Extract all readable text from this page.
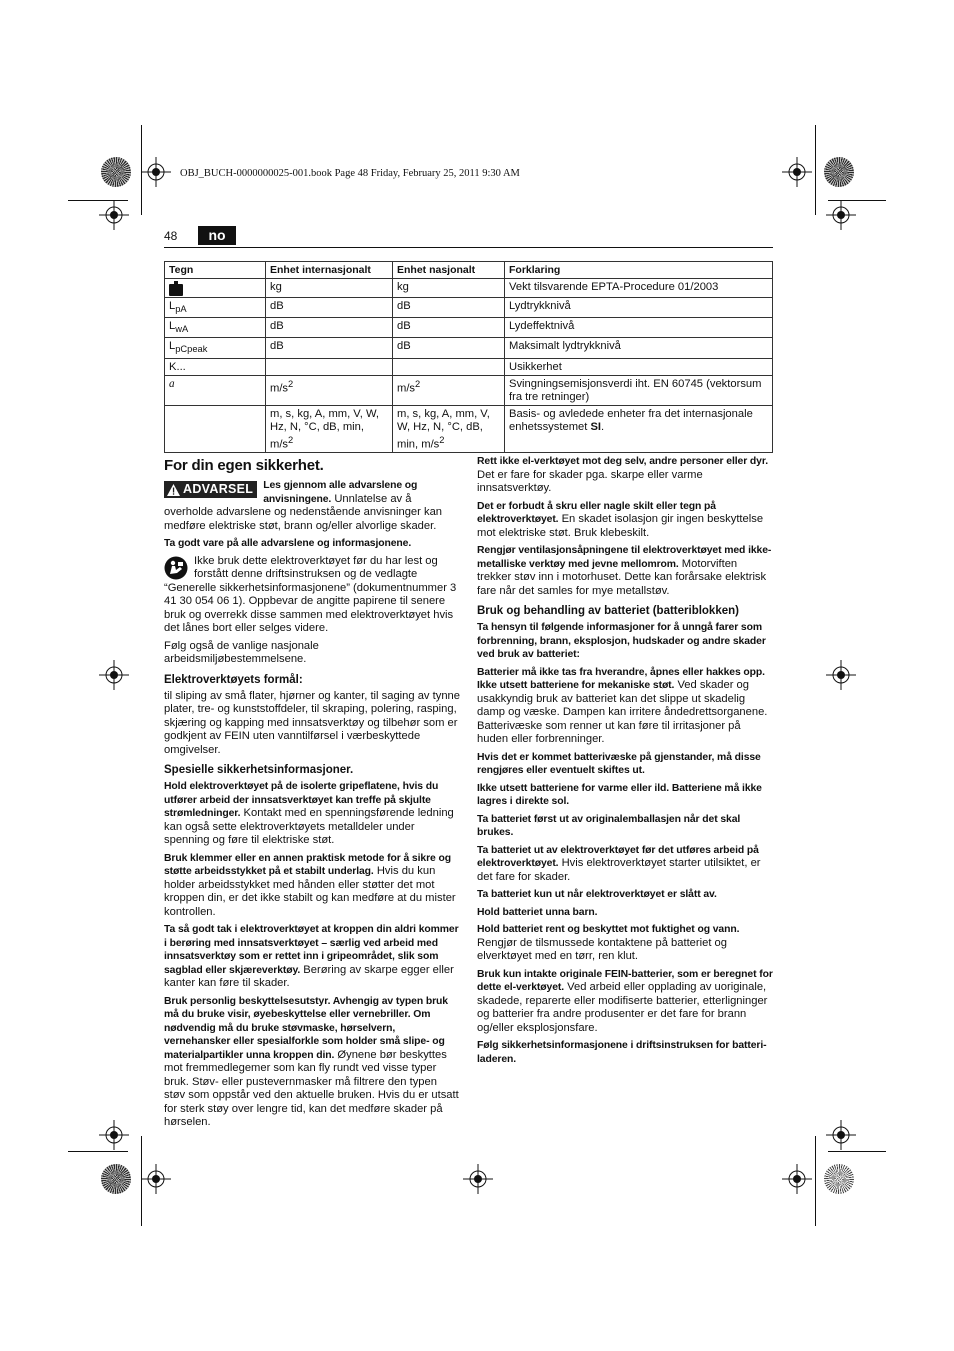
OBJ_BUCH-0000000025-001.book Page 48 Friday, February 25, 2011 9:30 AM
48	no
Tegn	Enhet internasjonalt	Enhet nasjonalt	Forklaring
	kg	kg	Vekt tilsvarende EPTA-Procedure 01/2003
$L_{pA}$	dB	dB	Lydtrykknivå
$L_{wA}$	dB	dB	Lydeffektnivå
$L_{pCpeak}$	dB	dB	Maksimalt lydtrykknivå
K...			Usikkerhet
a	$m/s^2$	$m/s^2$	Svingningsemisjonsverdi iht. EN 60745 (vektorsum fra tre retninger)
	m, s, kg, A, mm, V, W, Hz, N, °C, dB, min, $m/s^2$	m, s, kg, A, mm, V, W, Hz, N, °C, dB, min, $m/s^2$	Basis- og avledede enheter fra det internasjonale enhetssystemet SI.
For din egen sikkerhet.

ADVARSEL Les gjennom alle advarslene og anvisningene. Unnlatelse av å overholde advarslene og nedenstående anvisninger kan medføre elektriske støt, brann og/eller alvorlige skader.

Ta godt vare på alle advarslene og informasjonene.

Ikke bruk dette elektroverktøyet før du har lest og forstått denne driftsinstruksen og de vedlagte “Generelle sikkerhetsinformasjonene” (dokumentnummer 3 41 30 054 06 1). Oppbevar de angitte papirene til senere bruk og overrekk disse sammen med elektroverktøyet hvis det lånes bort eller selges videre.

Følg også de vanlige nasjonale arbeidsmiljøbestemmelsene.

Elektroverktøyets formål:

til sliping av små flater, hjørner og kanter, til saging av tynne plater, tre- og kunststoffdeler, til skraping, polering, rasping, skjæring og kapping med innsatsverktøy og tilbehør som er godkjent av FEIN uten vanntilførsel i værbeskyttede omgivelser.

Spesielle sikkerhetsinformasjoner.

Hold elektroverktøyet på de isolerte gripeflatene, hvis du utfører arbeid der innsatsverktøyet kan treffe på skjulte strømledninger. Kontakt med en spenningsførende ledning kan også sette elektroverktøyets metalldeler under spenning og føre til elektriske støt.

Bruk klemmer eller en annen praktisk metode for å sikre og støtte arbeidsstykket på et stabilt underlag. Hvis du kun holder arbeidsstykket med hånden eller støtter det mot kroppen din, er det ikke stabilt og kan medføre at du mister kontrollen.

Ta så godt tak i elektroverktøyet at kroppen din aldri kommer i berøring med innsatsverktøyet – særlig ved arbeid med innsatsverktøy som er rettet inn i gripeområdet, slik som sagblad eller skjæreverktøy. Berøring av skarpe egger eller kanter kan føre til skader.

Bruk personlig beskyttelsesutstyr. Avhengig av typen bruk må du bruke visir, øyebeskyttelse eller vernebriller. Om nødvendig må du bruke støvmaske, hørselvern, vernehansker eller spesialforkle som holder små slipe- og materialpartikler unna kroppen din. Øynene bør beskyttes mot fremmedlegemer som kan fly rundt ved visse typer bruk. Støv- eller pustevernmasker må filtrere den typen støv som oppstår ved den aktuelle bruken. Hvis du er utsatt for sterk støy over lengre tid, kan det medføre skader på hørselen.

Rett ikke el-verktøyet mot deg selv, andre personer eller dyr. Det er fare for skader pga. skarpe eller varme innsatsverktøy.

Det er forbudt å skru eller nagle skilt eller tegn på elektroverktøyet. En skadet isolasjon gir ingen beskyttelse mot elektriske støt. Bruk klebeskilt.

Rengjør ventilasjonsåpningene til elektroverktøyet med ikke-metalliske verktøy med jevne mellomrom. Motorviften trekker støv inn i motorhuset. Dette kan forårsake elektrisk fare når det samles for mye metallstøv.

Bruk og behandling av batteriet (batteriblokken)

Ta hensyn til følgende informasjoner for å unngå farer som forbrenning, brann, eksplosjon, hudskader og andre skader ved bruk av batteriet:

Batterier må ikke tas fra hverandre, åpnes eller hakkes opp. Ikke utsett batteriene for mekaniske støt. Ved skader og usakkyndig bruk av batteriet kan det slippe ut skadelig damp og væske. Dampen kan irritere åndedrettsorganene. Batterivæske som renner ut kan føre til irritasjoner på huden eller forbrenninger.

Hvis det er kommet batterivæske på gjenstander, må disse rengjøres eller eventuelt skiftes ut.

Ikke utsett batteriene for varme eller ild. Batteriene må ikke lagres i direkte sol.

Ta batteriet først ut av originalemballasjen når det skal brukes.

Ta batteriet ut av elektroverktøyet før det utføres arbeid på elektroverktøyet. Hvis elektroverktøyet starter utilsiktet, er det fare for skader.

Ta batteriet kun ut når elektroverktøyet er slått av.

Hold batteriet unna barn.

Hold batteriet rent og beskyttet mot fuktighet og vann. Rengjør de tilsmussede kontaktene på batteriet og elverktøyet med en tørr, ren klut.

Bruk kun intakte originale FEIN-batterier, som er beregnet for dette el-verktøyet. Ved arbeid eller opplading av uoriginale, skadede, reparerte eller modifiserte batterier, etterligninger og batterier fra andre produsenter er det fare for brann og/eller eksplosjonsfare.

Følg sikkerhetsinformasjonene i driftsinstruksen for batteri-laderen.
